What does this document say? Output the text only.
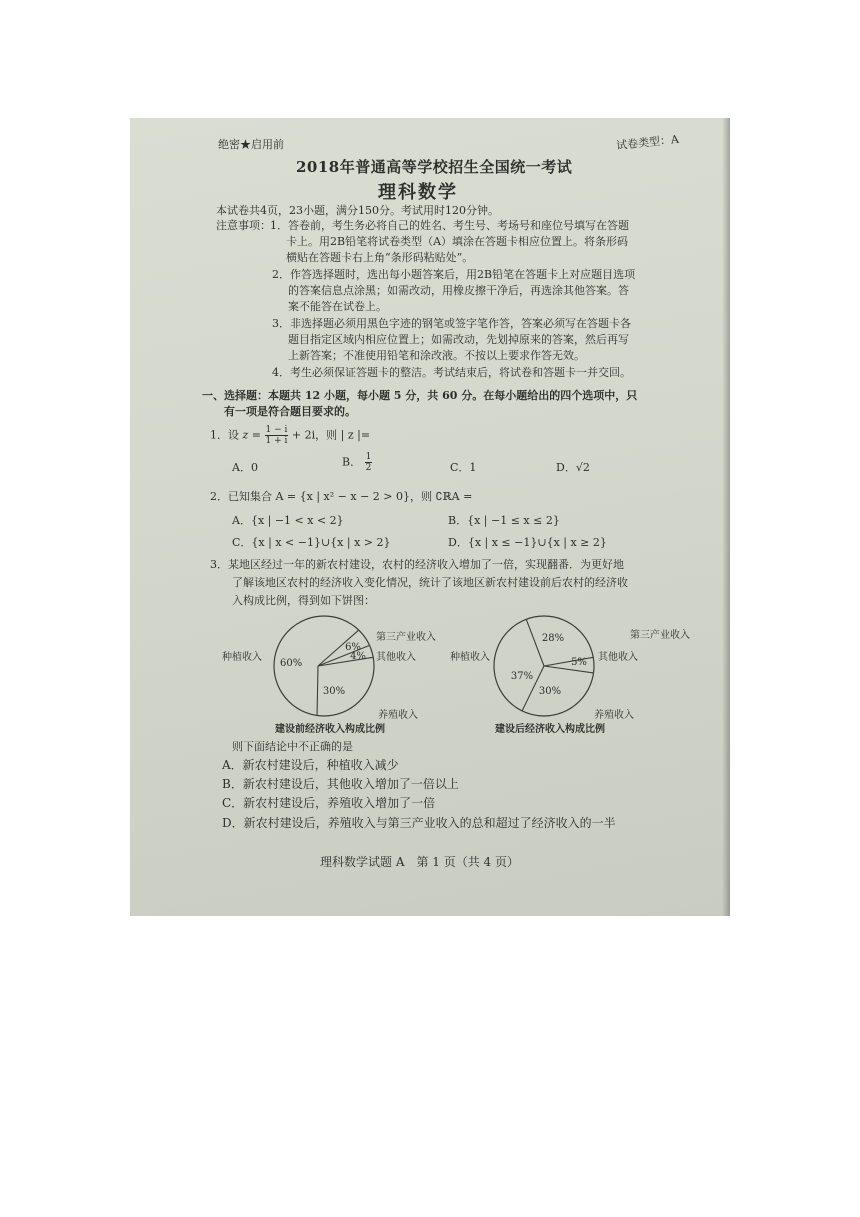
绝密★启用前	试卷类型：A
2018年普通高等学校招生全国统一考试
理科数学
本试卷共4页，23小题，满分150分。考试用时120分钟。
注意事项： 1．答卷前，考生务必将自己的姓名、考生号、考场号和座位号填写在答题
卡上。用2B铅笔将试卷类型（A）填涂在答题卡相应位置上。将条形码
横贴在答题卡右上角“条形码粘贴处”。
2．作答选择题时，选出每小题答案后，用2B铅笔在答题卡上对应题目选项
的答案信息点涂黑；如需改动，用橡皮擦干净后，再选涂其他答案。答
案不能答在试卷上。
3．非选择题必须用黑色字迹的钢笔或签字笔作答，答案必须写在答题卡各
题目指定区域内相应位置上；如需改动，先划掉原来的答案，然后再写
上新答案；不准使用铅笔和涂改液。不按以上要求作答无效。
4．考生必须保证答题卡的整洁。考试结束后，将试卷和答题卡一并交回。
一、选择题：本题共 12 小题，每小题 5 分，共 60 分。在每小题给出的四个选项中，只
有一项是符合题目要求的。
1．设 $z = \frac{1 - i}{1 + i} + 2i$，则 | z |=
A．0	B． $\frac{1}{2}$	C．1	D．√2
2．已知集合 A = {x | x² − x − 2 > 0}，则 ∁ℝA =
A．{x | −1 < x < 2}	B．{x | −1 ≤ x ≤ 2}
C．{x | x < −1}∪{x | x > 2}	D．{x | x ≤ −1}∪{x | x ≥ 2}
3．某地区经过一年的新农村建设，农村的经济收入增加了一倍，实现翻番．为更好地
了解该地区农村的经济收入变化情况，统计了该地区新农村建设前后农村的经济收
入构成比例，得到如下饼图：
60%
6%
4%
30%
种植收入
第三产业收入
其他收入
养殖收入
建设前经济收入构成比例
37%
28%
5%
30%
种植收入
第三产业收入
其他收入
养殖收入
建设后经济收入构成比例
则下面结论中不正确的是
A．新农村建设后，种植收入减少
B．新农村建设后，其他收入增加了一倍以上
C．新农村建设后，养殖收入增加了一倍
D．新农村建设后，养殖收入与第三产业收入的总和超过了经济收入的一半
理科数学试题 A　第 1 页（共 4 页）
